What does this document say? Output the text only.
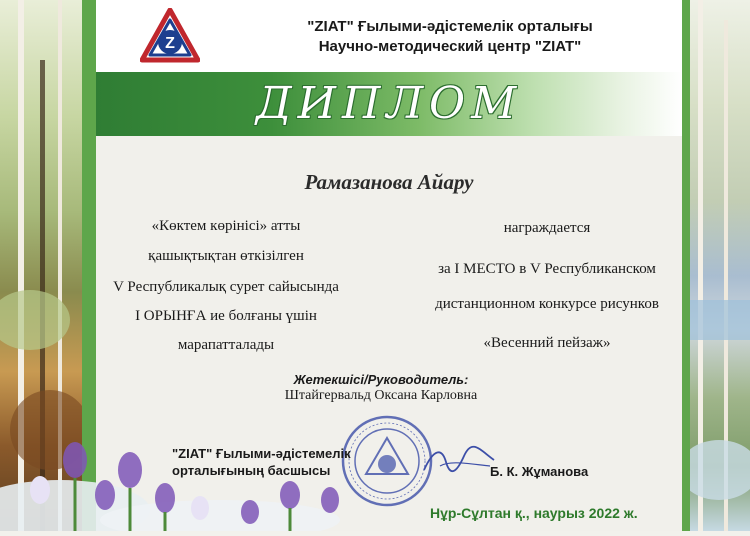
Z
"ZIAT" Ғылыми-әдістемелік орталығы
Научно-методический центр "ZIAT"
ДИПЛОМ
Рамазанова Айару
«Көктем көрінісі» атты
қашықтықтан өткізілген
V Республикалық сурет сайысында
I ОРЫНҒА ие болғаны үшін
марапатталады
награждается
за I МЕСТО в V Республиканском
дистанционном конкурсе рисунков
«Весенний пейзаж»
Жетекшісі/Руководитель:
Штайгервальд Оксана Карловна
"ZIAT" Ғылыми-әдістемелік
орталығының басшысы	Б. К. Жұманова
Нұр-Сұлтан қ., наурыз 2022 ж.
